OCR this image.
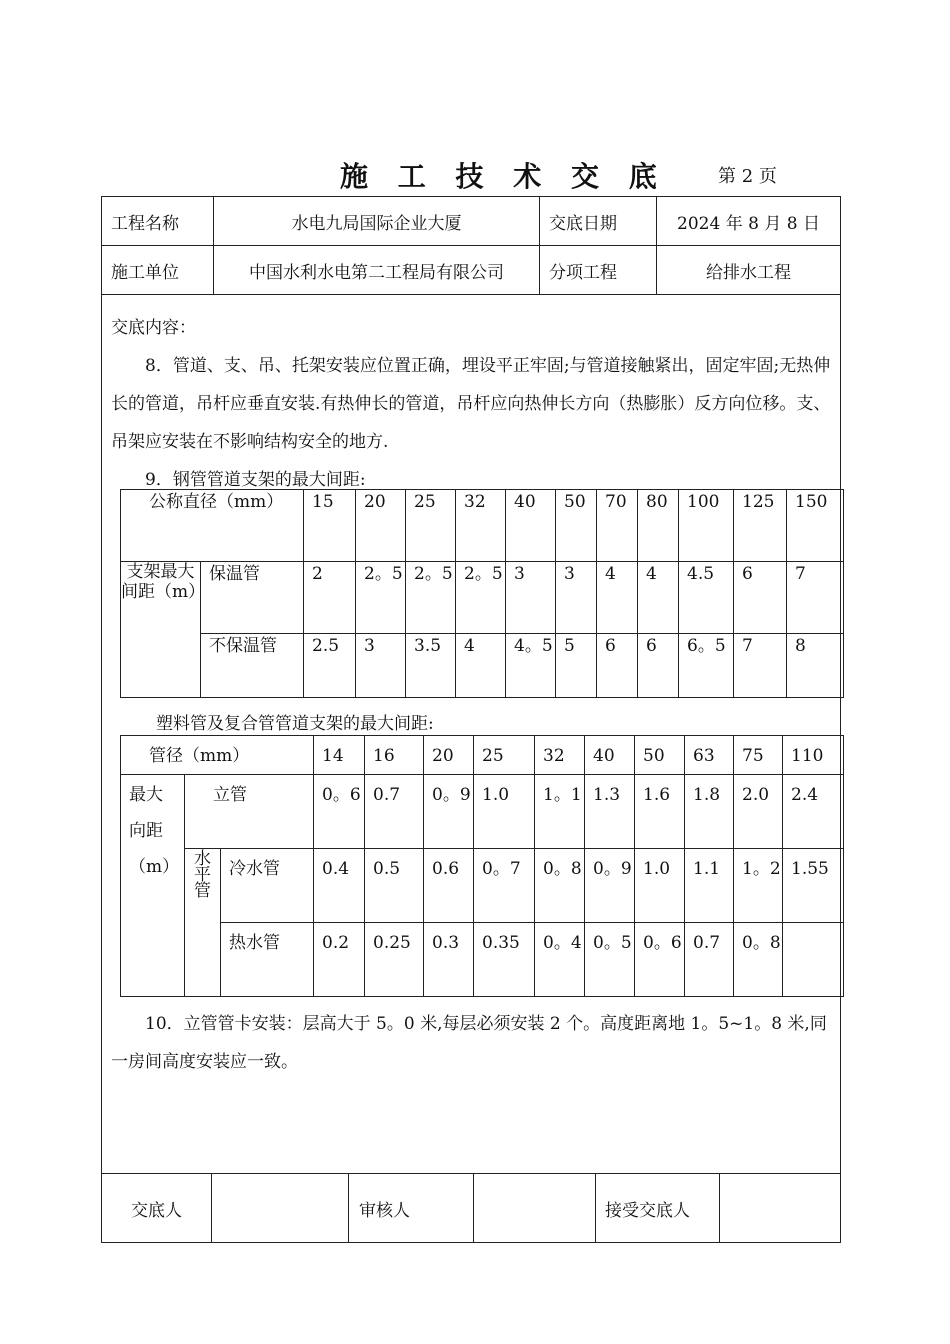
施 工 技 术 交 底	第 2 页
工程名称	水电九局国际企业大厦	交底日期	2024 年 8 月 8 日
施工单位	中国水利水电第二工程局有限公司	分项工程	给排水工程
交底内容：

8．管道、支、吊、托架安装应位置正确，埋设平正牢固;与管道接触紧出，固定牢固;无热伸长的管道，吊杆应垂直安装.有热伸长的管道，吊杆应向热伸长方向（热膨胀）反方向位移。支、吊架应安装在不影响结构安全的地方.

9．钢管管道支架的最大间距:

公称直径（mm）		15	20	25	32	40	50	70	80	100	125	150
支架最大间距（m）	保温管	2	2。5	2。5	2。5	3	3	4	4	4.5	6	7
	不保温管	2.5	3	3.5	4	4。5	5	6	6	6。5	7	8
塑料管及复合管管道支架的最大间距:
管径（mm）			14	16	20	25	32	40	50	63	75	110

最大
向距
（m）	立管		0。6	0.7	0。9	1.0	1。1	1.3	1.6	1.8	2.0	2.4
	水平管	冷水管	0.4	0.5	0.6	0。7	0。8	0。9	1.0	1.1	1。2	1.55
		热水管	0.2	0.25	0.3	0.35	0。4	0。5	0。6	0.7	0。8	

10．立管管卡安装：层高大于 5。0 米,每层必须安装 2 个。高度距离地 1。5~1。8 米,同一房间高度安装应一致。

交底人	审核人	接受交底人
